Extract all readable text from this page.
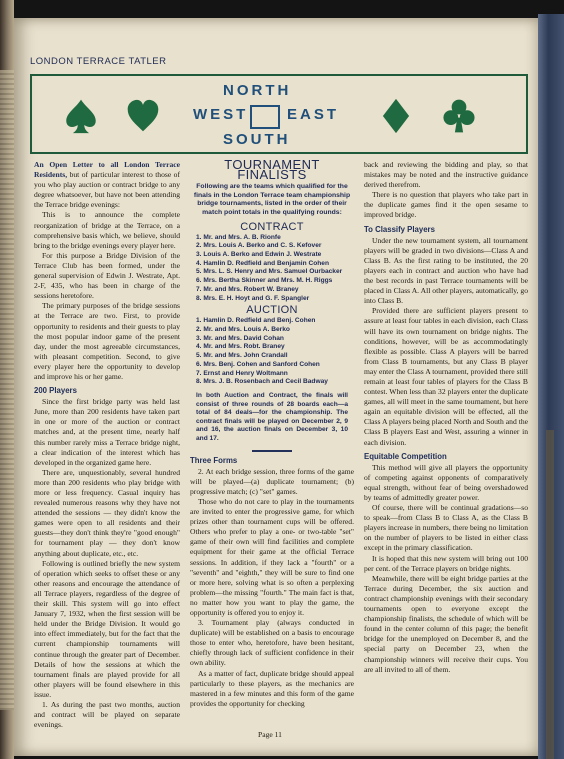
LONDON TERRACE TATLER
NORTH
WEST	EAST
SOUTH

An Open Letter to all London Terrace Residents, but of particular interest to those of you who play auction or contract bridge to any degree whatsoever, but have not been attending the Terrace bridge evenings:

This is to announce the complete reorganization of bridge at the Terrace, on a comprehensive basis which, we believe, should bring to the bridge evenings every player here.

For this purpose a Bridge Division of the Terrace Club has been formed, under the general supervision of Edwin J. Westrate, Apt. 2-F, 435, who has been in charge of the sessions heretofore.

The primary purposes of the bridge sessions at the Terrace are two. First, to provide opportunity to residents and their guests to play the most popular indoor game of the present day, under the most agreeable circumstances, with pleasant competition. Second, to give every player here the opportunity to develop and improve his or her game.

200 Players

Since the first bridge party was held last June, more than 200 residents have taken part in one or more of the auction or contract matches and, at the present time, nearly half this number rarely miss a Terrace bridge night, a clear indication of the interest which has developed in the organized game here.

There are, unquestionably, several hundred more than 200 residents who play bridge with more or less frequency. Casual inquiry has revealed numerous reasons why they have not attended the sessions — they didn't know the games were open to all residents and their guests—they don't think they're "good enough" for tournament play — they don't know anything about duplicate, etc., etc.

Following is outlined briefly the new system of operation which seeks to offset these or any other reasons and encourage the attendance of all Terrace players, regardless of the degree of their skill. This system will go into effect January 7, 1932, when the first session will be held under the Bridge Division. It would go into effect immediately, but for the fact that the current championship tournaments will continue through the greater part of December. Details of how the sessions at which the tournament finals are played provide for all other players will be found elsewhere in this issue.

1. As during the past two months, auction and contract will be played on separate evenings.

TOURNAMENT FINALISTS

Following are the teams which qualified for the finals in the London Terrace team championship bridge tournaments, listed in the order of their match point totals in the qualifying rounds:

CONTRACT
1. Mr. and Mrs. A. B. Rionfe
2. Mrs. Louis A. Berko and C. S. Kefover
3. Louis A. Berko and Edwin J. Westrate
4. Hamlin D. Redfield and Benjamin Cohen
5. Mrs. L. S. Henry and Mrs. Samuel Ourbacker
6. Mrs. Bertha Skinner and Mrs. M. H. Riggs
7. Mr. and Mrs. Robert W. Braney
8. Mrs. E. H. Hoyt and G. F. Spangler
AUCTION
1. Hamlin D. Redfield and Benj. Cohen
2. Mr. and Mrs. Louis A. Berko
3. Mr. and Mrs. David Cohan
4. Mr. and Mrs. Robt. Braney
5. Mr. and Mrs. John Crandall
6. Mrs. Benj. Cohen and Sanford Cohen
7. Ernst and Henry Woltmann
8. Mrs. J. B. Rosenbach and Cecil Badway

In both Auction and Contract, the finals will consist of three rounds of 28 boards each—a total of 84 deals—for the championship. The contract finals will be played on December 2, 9 and 16, the auction finals on December 3, 10 and 17.

Three Forms

2. At each bridge session, three forms of the game will be played—(a) duplicate tournament; (b) progressive match; (c) "set" games.

Those who do not care to play in the tournaments are invited to enter the progressive game, for which prizes other than tournament cups will be offered. Others who prefer to play a one- or two-table "set" game of their own will find facilities and complete equipment for their game at the official Terrace sessions. In addition, if they lack a "fourth" or a "seventh" and "eighth," they will be sure to find one or more here, solving what is so often a perplexing problem—the missing "fourth." The main fact is that, no matter how you want to play the game, the opportunity is offered you to enjoy it.

3. Tournament play (always conducted in duplicate) will be established on a basis to encourage those to enter who, heretofore, have been hesitant, chiefly through lack of sufficient confidence in their own ability.

As a matter of fact, duplicate bridge should appeal particularly to these players, as the mechanics are mastered in a few minutes and this form of the game provides the opportunity for checking

back and reviewing the bidding and play, so that mistakes may be noted and the instructive guidance derived therefrom.

There is no question that players who take part in the duplicate games find it the open sesame to improved bridge.

To Classify Players

Under the new tournament system, all tournament players will be graded in two divisions—Class A and Class B. As the first rating to be instituted, the 20 players each in contract and auction who have had the best records in past Terrace tournaments will be placed in Class A. All other players, automatically, go into Class B.

Provided there are sufficient players present to assure at least four tables in each division, each Class will have its own tournament on bridge nights. The conditions, however, will be as accommodatingly flexible as possible. Class A players will be barred from Class B tournaments, but any Class B player may enter the Class A tournament, provided there still remain at least four tables of players for the Class B contest. When less than 32 players enter the duplicate games, all will meet in the same tournament, but here again an equitable division will be effected, all the Class A players being placed North and South and the Class B players East and West, assuring a winner in each division.

Equitable Competition

This method will give all players the opportunity of competing against opponents of comparatively equal strength, without fear of being overshadowed by teams of admittedly greater power.

Of course, there will be continual gradations—so to speak—from Class B to Class A, as the Class B players increase in numbers, there being no limitation on the number of players to be listed in either class except in the primary classification.

It is hoped that this new system will bring out 100 per cent. of the Terrace players on bridge nights.

Meanwhile, there will be eight bridge parties at the Terrace during December, the six auction and contract championship evenings with their secondary tournaments open to everyone except the championship finalists, the schedule of which will be found in the center column of this page; the benefit bridge for the unemployed on December 8, and the special party on December 23, when the championship winners will receive their cups. You are all invited to all of them.

Page 11
